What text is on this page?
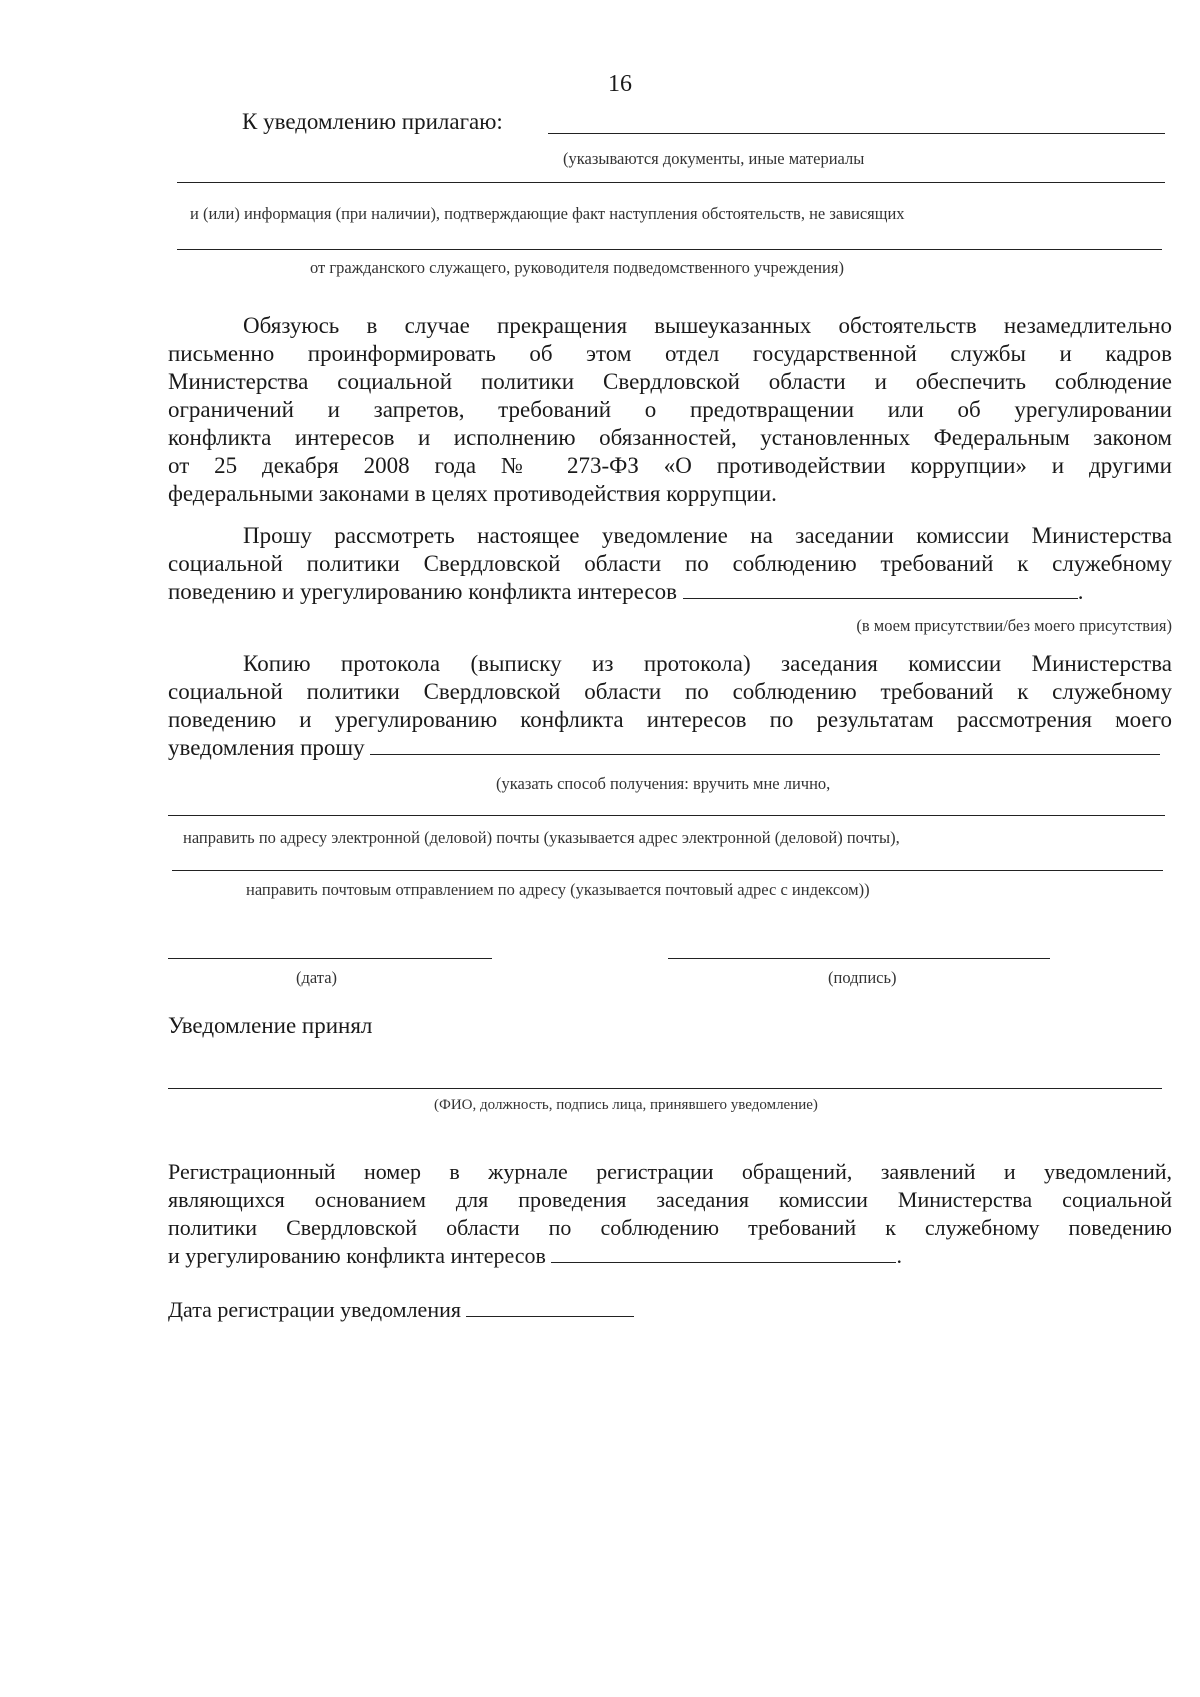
16
К уведомлению прилагаю:
(указываются документы, иные материалы
и (или) информация (при наличии), подтверждающие факт наступления обстоятельств, не зависящих
от гражданского служащего, руководителя подведомственного учреждения)
Обязуюсь в случае прекращения вышеуказанных обстоятельств незамедлительно
письменно проинформировать об этом отдел государственной службы и кадров
Министерства социальной политики Свердловской области и обеспечить соблюдение
ограничений и запретов, требований о предотвращении или об урегулировании
конфликта интересов и исполнению обязанностей, установленных Федеральным законом
от 25 декабря 2008 года № 273-ФЗ «О противодействии коррупции» и другими
федеральными законами в целях противодействия коррупции.
Прошу рассмотреть настоящее уведомление на заседании комиссии Министерства
социальной политики Свердловской области по соблюдению требований к служебному
поведению и урегулированию конфликта интересов	.
(в моем присутствии/без моего присутствия)
Копию протокола (выписку из протокола) заседания комиссии Министерства
социальной политики Свердловской области по соблюдению требований к служебному
поведению и урегулированию конфликта интересов по результатам рассмотрения моего
уведомления прошу
(указать способ получения: вручить мне лично,
направить по адресу электронной (деловой) почты (указывается адрес электронной (деловой) почты),
направить почтовым отправлением по адресу (указывается почтовый адрес с индексом))
(дата)	(подпись)
Уведомление принял
(ФИО, должность, подпись лица, принявшего уведомление)
Регистрационный номер в журнале регистрации обращений, заявлений и уведомлений,
являющихся основанием для проведения заседания комиссии Министерства социальной
политики Свердловской области по соблюдению требований к служебному поведению
и урегулированию конфликта интересов	.
Дата регистрации уведомления
